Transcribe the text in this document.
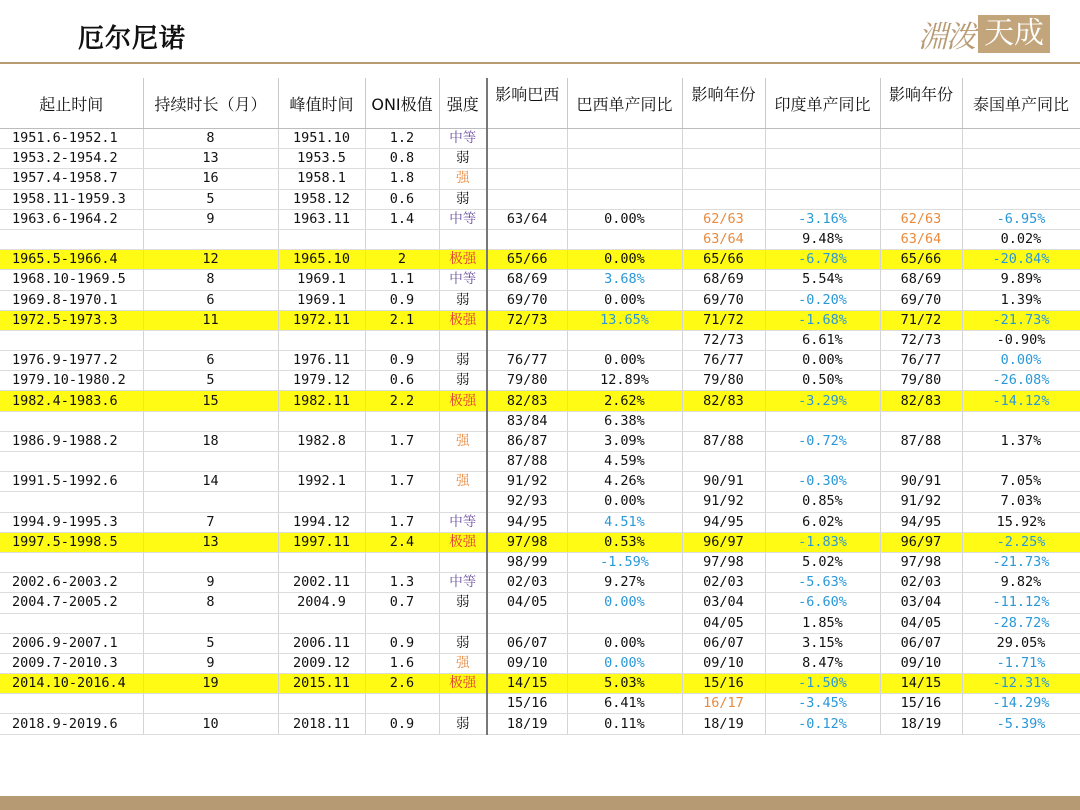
厄尔尼诺	淵泼 天成
起止时间	持续时长（月）	峰值时间	ONI极值	强度	影响巴西	巴西单产同比	影响年份	印度单产同比	影响年份	泰国单产同比
1951.6-1952.1	8	1951.10	1.2	中等						
1953.2-1954.2	13	1953.5	0.8	弱						
1957.4-1958.7	16	1958.1	1.8	强						
1958.11-1959.3	5	1958.12	0.6	弱						
1963.6-1964.2	9	1963.11	1.4	中等	63/64	0.00%	62/63	-3.16%	62/63	-6.95%
							63/64	9.48%	63/64	0.02%
1965.5-1966.4	12	1965.10	2	极强	65/66	0.00%	65/66	-6.78%	65/66	-20.84%
1968.10-1969.5	8	1969.1	1.1	中等	68/69	3.68%	68/69	5.54%	68/69	9.89%
1969.8-1970.1	6	1969.1	0.9	弱	69/70	0.00%	69/70	-0.20%	69/70	1.39%
1972.5-1973.3	11	1972.11	2.1	极强	72/73	13.65%	71/72	-1.68%	71/72	-21.73%
							72/73	6.61%	72/73	-0.90%
1976.9-1977.2	6	1976.11	0.9	弱	76/77	0.00%	76/77	0.00%	76/77	0.00%
1979.10-1980.2	5	1979.12	0.6	弱	79/80	12.89%	79/80	0.50%	79/80	-26.08%
1982.4-1983.6	15	1982.11	2.2	极强	82/83	2.62%	82/83	-3.29%	82/83	-14.12%
					83/84	6.38%				
1986.9-1988.2	18	1982.8	1.7	强	86/87	3.09%	87/88	-0.72%	87/88	1.37%
					87/88	4.59%				
1991.5-1992.6	14	1992.1	1.7	强	91/92	4.26%	90/91	-0.30%	90/91	7.05%
					92/93	0.00%	91/92	0.85%	91/92	7.03%
1994.9-1995.3	7	1994.12	1.7	中等	94/95	4.51%	94/95	6.02%	94/95	15.92%
1997.5-1998.5	13	1997.11	2.4	极强	97/98	0.53%	96/97	-1.83%	96/97	-2.25%
					98/99	-1.59%	97/98	5.02%	97/98	-21.73%
2002.6-2003.2	9	2002.11	1.3	中等	02/03	9.27%	02/03	-5.63%	02/03	9.82%
2004.7-2005.2	8	2004.9	0.7	弱	04/05	0.00%	03/04	-6.60%	03/04	-11.12%
							04/05	1.85%	04/05	-28.72%
2006.9-2007.1	5	2006.11	0.9	弱	06/07	0.00%	06/07	3.15%	06/07	29.05%
2009.7-2010.3	9	2009.12	1.6	强	09/10	0.00%	09/10	8.47%	09/10	-1.71%
2014.10-2016.4	19	2015.11	2.6	极强	14/15	5.03%	15/16	-1.50%	14/15	-12.31%
					15/16	6.41%	16/17	-3.45%	15/16	-14.29%
2018.9-2019.6	10	2018.11	0.9	弱	18/19	0.11%	18/19	-0.12%	18/19	-5.39%
